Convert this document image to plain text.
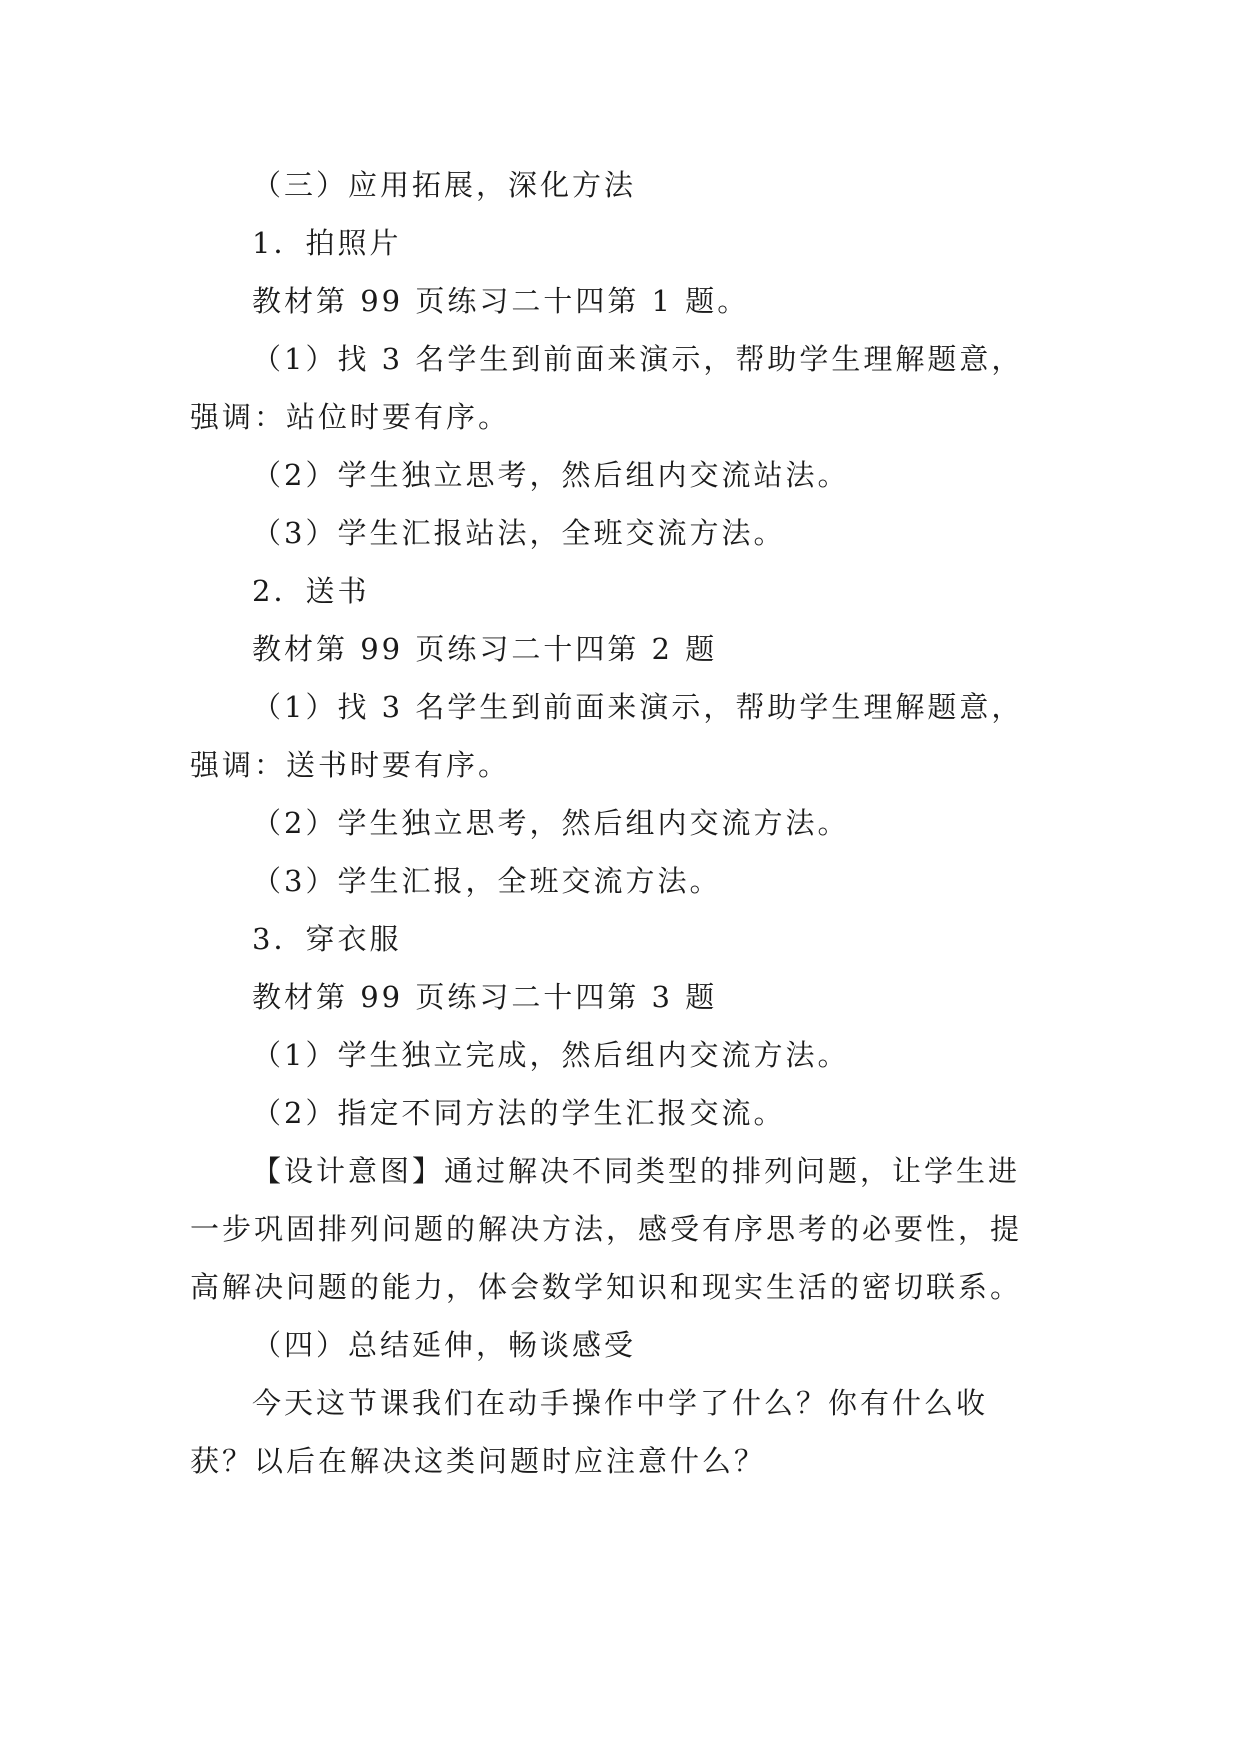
（三）应用拓展，深化方法
1．拍照片
教材第 99 页练习二十四第 1 题。
（1）找 3 名学生到前面来演示，帮助学生理解题意，
强调：站位时要有序。
（2）学生独立思考，然后组内交流站法。
（3）学生汇报站法，全班交流方法。
2．送书
教材第 99 页练习二十四第 2 题
（1）找 3 名学生到前面来演示，帮助学生理解题意，
强调：送书时要有序。
（2）学生独立思考，然后组内交流方法。
（3）学生汇报，全班交流方法。
3．穿衣服
教材第 99 页练习二十四第 3 题
（1）学生独立完成，然后组内交流方法。
（2）指定不同方法的学生汇报交流。
【设计意图】通过解决不同类型的排列问题，让学生进
一步巩固排列问题的解决方法，感受有序思考的必要性，提
高解决问题的能力，体会数学知识和现实生活的密切联系。
（四）总结延伸，畅谈感受
今天这节课我们在动手操作中学了什么？你有什么收
获？以后在解决这类问题时应注意什么？
